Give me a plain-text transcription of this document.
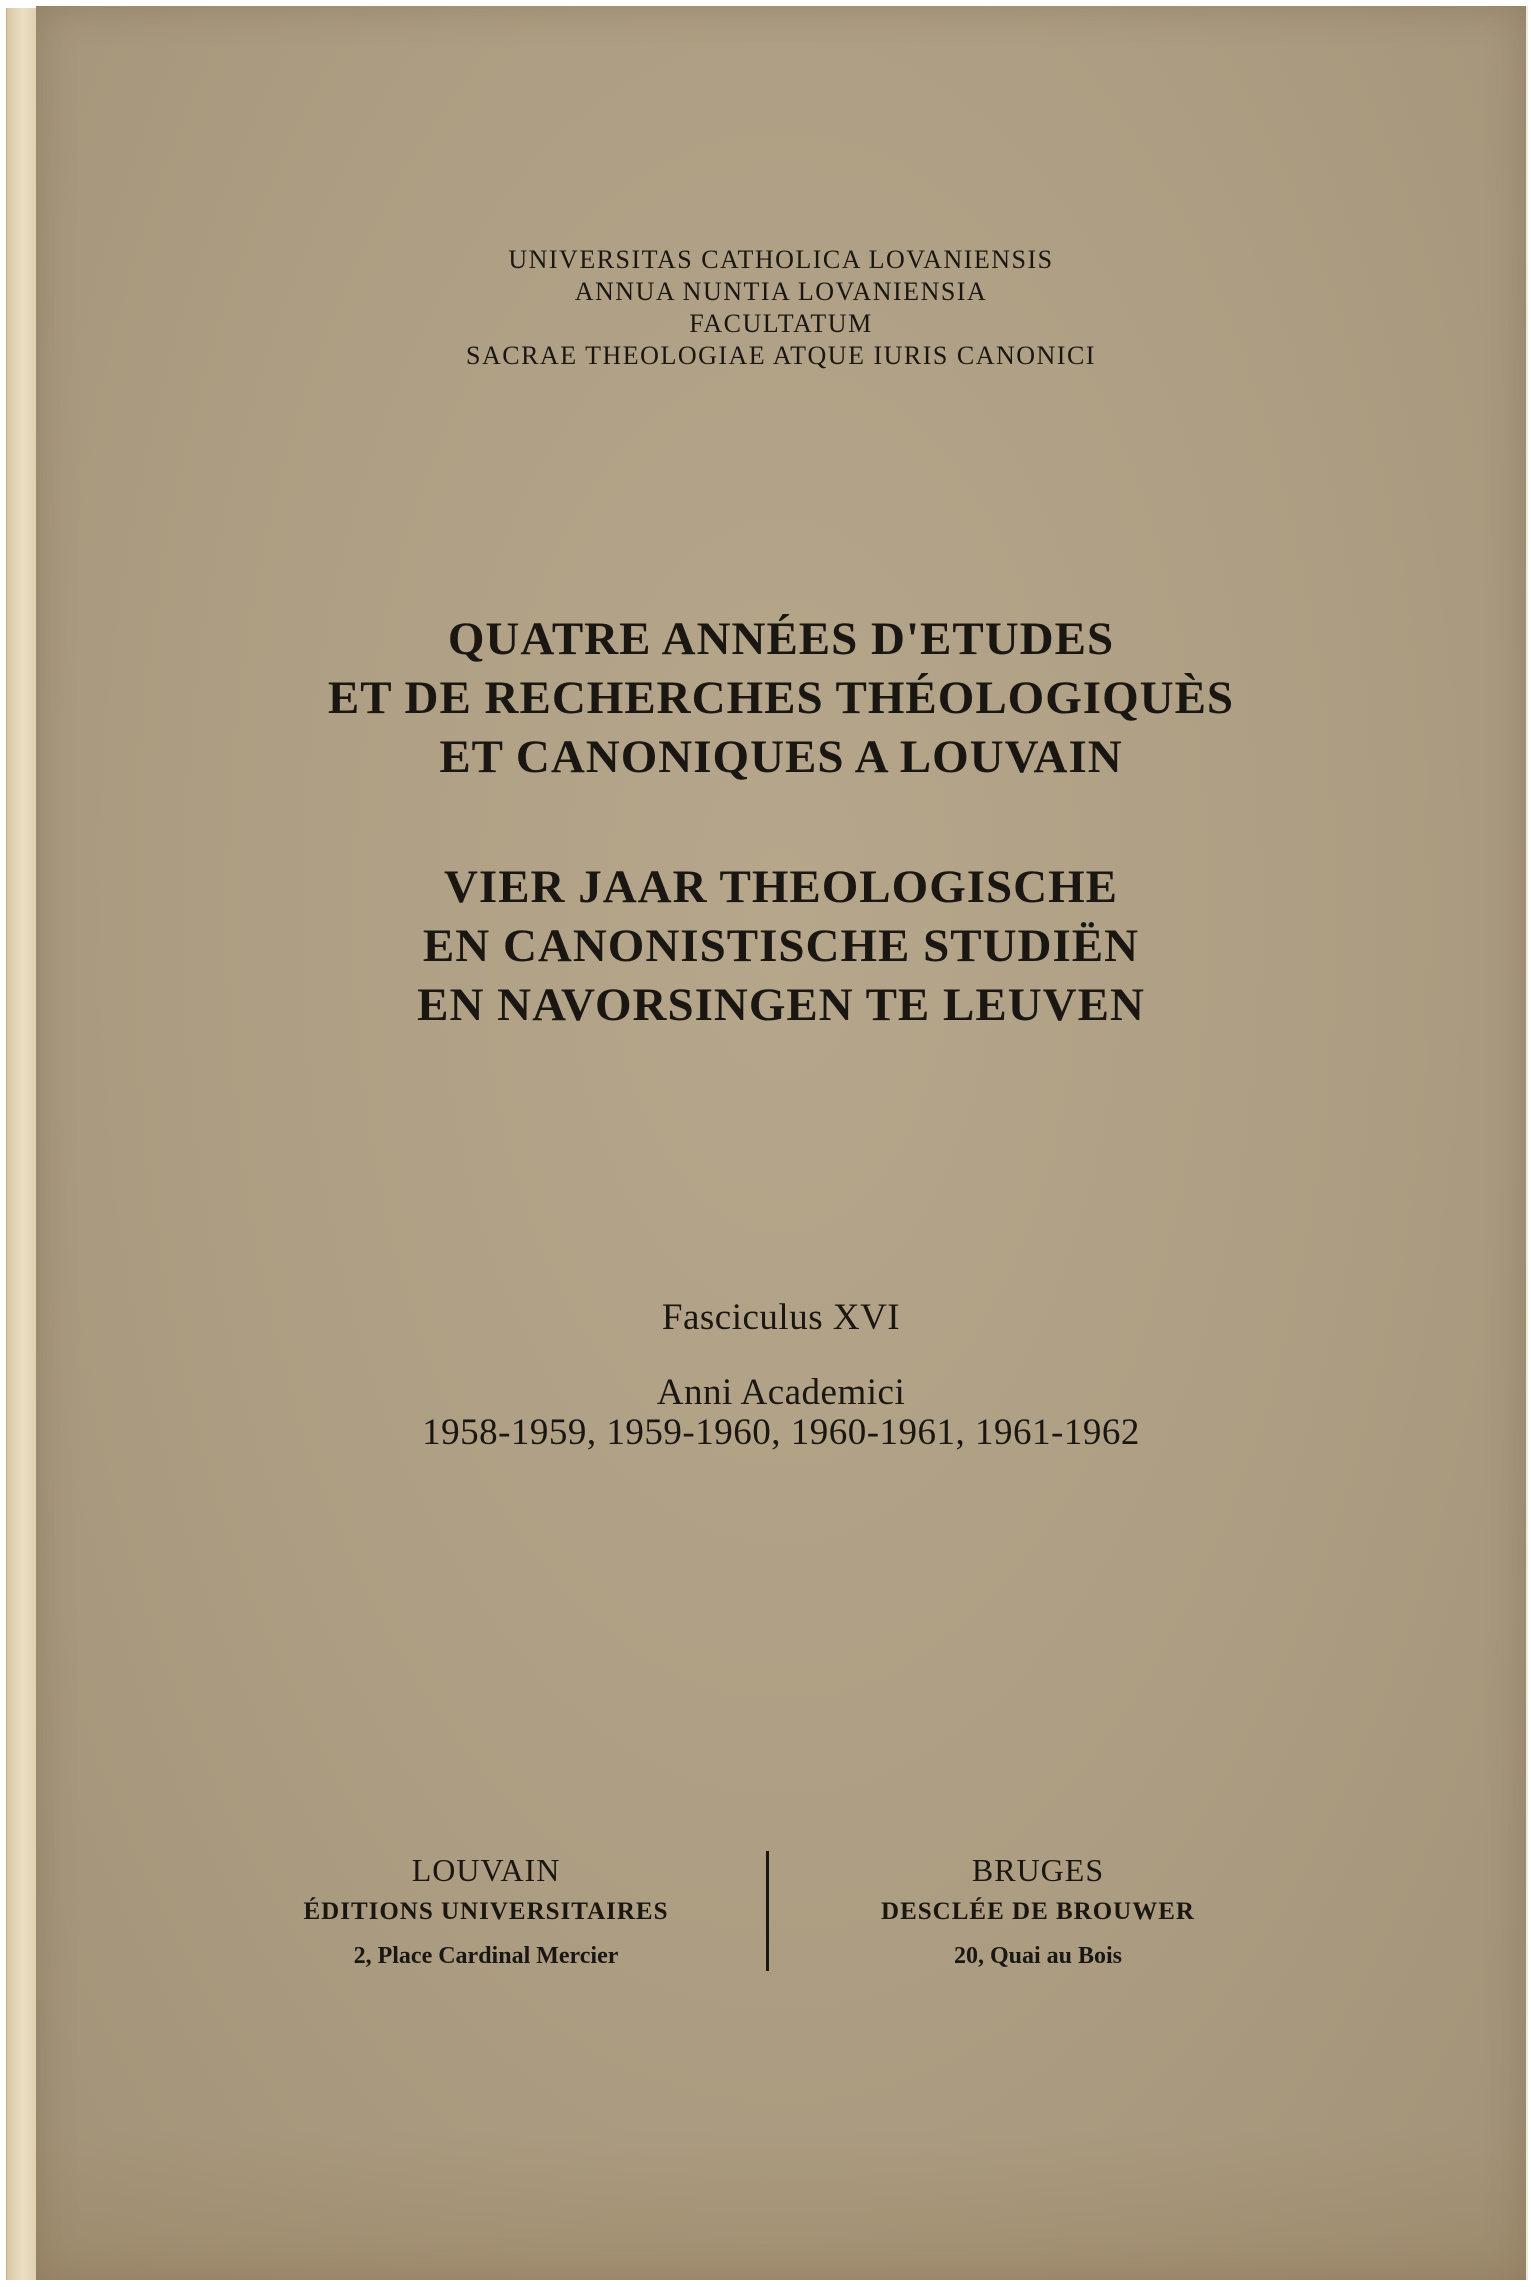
UNIVERSITAS CATHOLICA LOVANIENSIS
ANNUA NUNTIA LOVANIENSIA
FACULTATUM
SACRAE THEOLOGIAE ATQUE IURIS CANONICI
QUATRE ANNÉES D'ETUDES
ET DE RECHERCHES THÉOLOGIQUÈS
ET CANONIQUES A LOUVAIN
VIER JAAR THEOLOGISCHE
EN CANONISTISCHE STUDIËN
EN NAVORSINGEN TE LEUVEN
Fasciculus XVI
Anni Academici
1958-1959, 1959-1960, 1960-1961, 1961-1962
LOUVAIN
ÉDITIONS UNIVERSITAIRES
2, Place Cardinal Mercier
BRUGES
DESCLÉE DE BROUWER
20, Quai au Bois
